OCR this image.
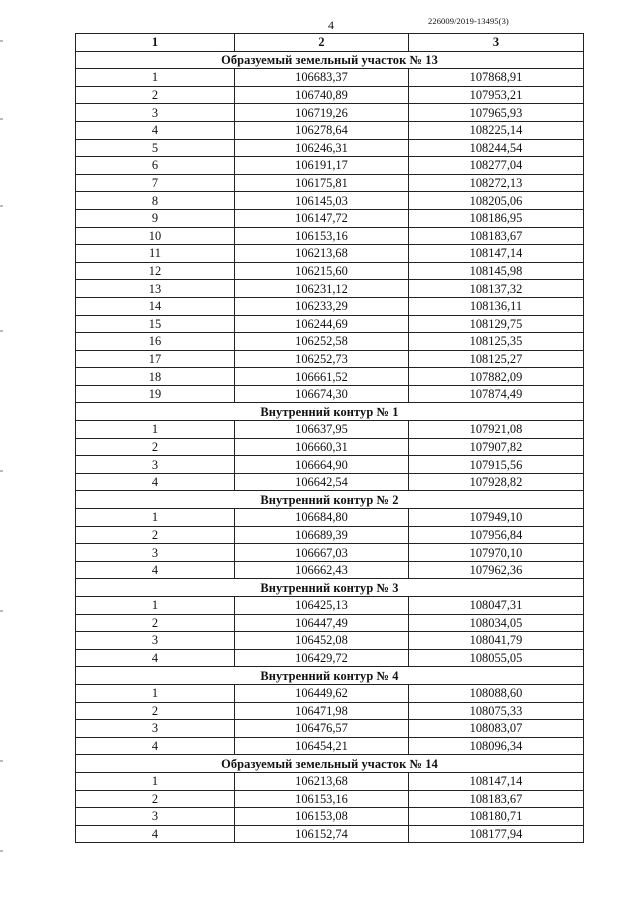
4	226009/2019-13495(3)
1	2	3
Образуемый земельный участок № 13		
1	106683,37	107868,91
2	106740,89	107953,21
3	106719,26	107965,93
4	106278,64	108225,14
5	106246,31	108244,54
6	106191,17	108277,04
7	106175,81	108272,13
8	106145,03	108205,06
9	106147,72	108186,95
10	106153,16	108183,67
11	106213,68	108147,14
12	106215,60	108145,98
13	106231,12	108137,32
14	106233,29	108136,11
15	106244,69	108129,75
16	106252,58	108125,35
17	106252,73	108125,27
18	106661,52	107882,09
19	106674,30	107874,49
Внутренний контур № 1		
1	106637,95	107921,08
2	106660,31	107907,82
3	106664,90	107915,56
4	106642,54	107928,82
Внутренний контур № 2		
1	106684,80	107949,10
2	106689,39	107956,84
3	106667,03	107970,10
4	106662,43	107962,36
Внутренний контур № 3		
1	106425,13	108047,31
2	106447,49	108034,05
3	106452,08	108041,79
4	106429,72	108055,05
Внутренний контур № 4		
1	106449,62	108088,60
2	106471,98	108075,33
3	106476,57	108083,07
4	106454,21	108096,34
Образуемый земельный участок № 14		
1	106213,68	108147,14
2	106153,16	108183,67
3	106153,08	108180,71
4	106152,74	108177,94
